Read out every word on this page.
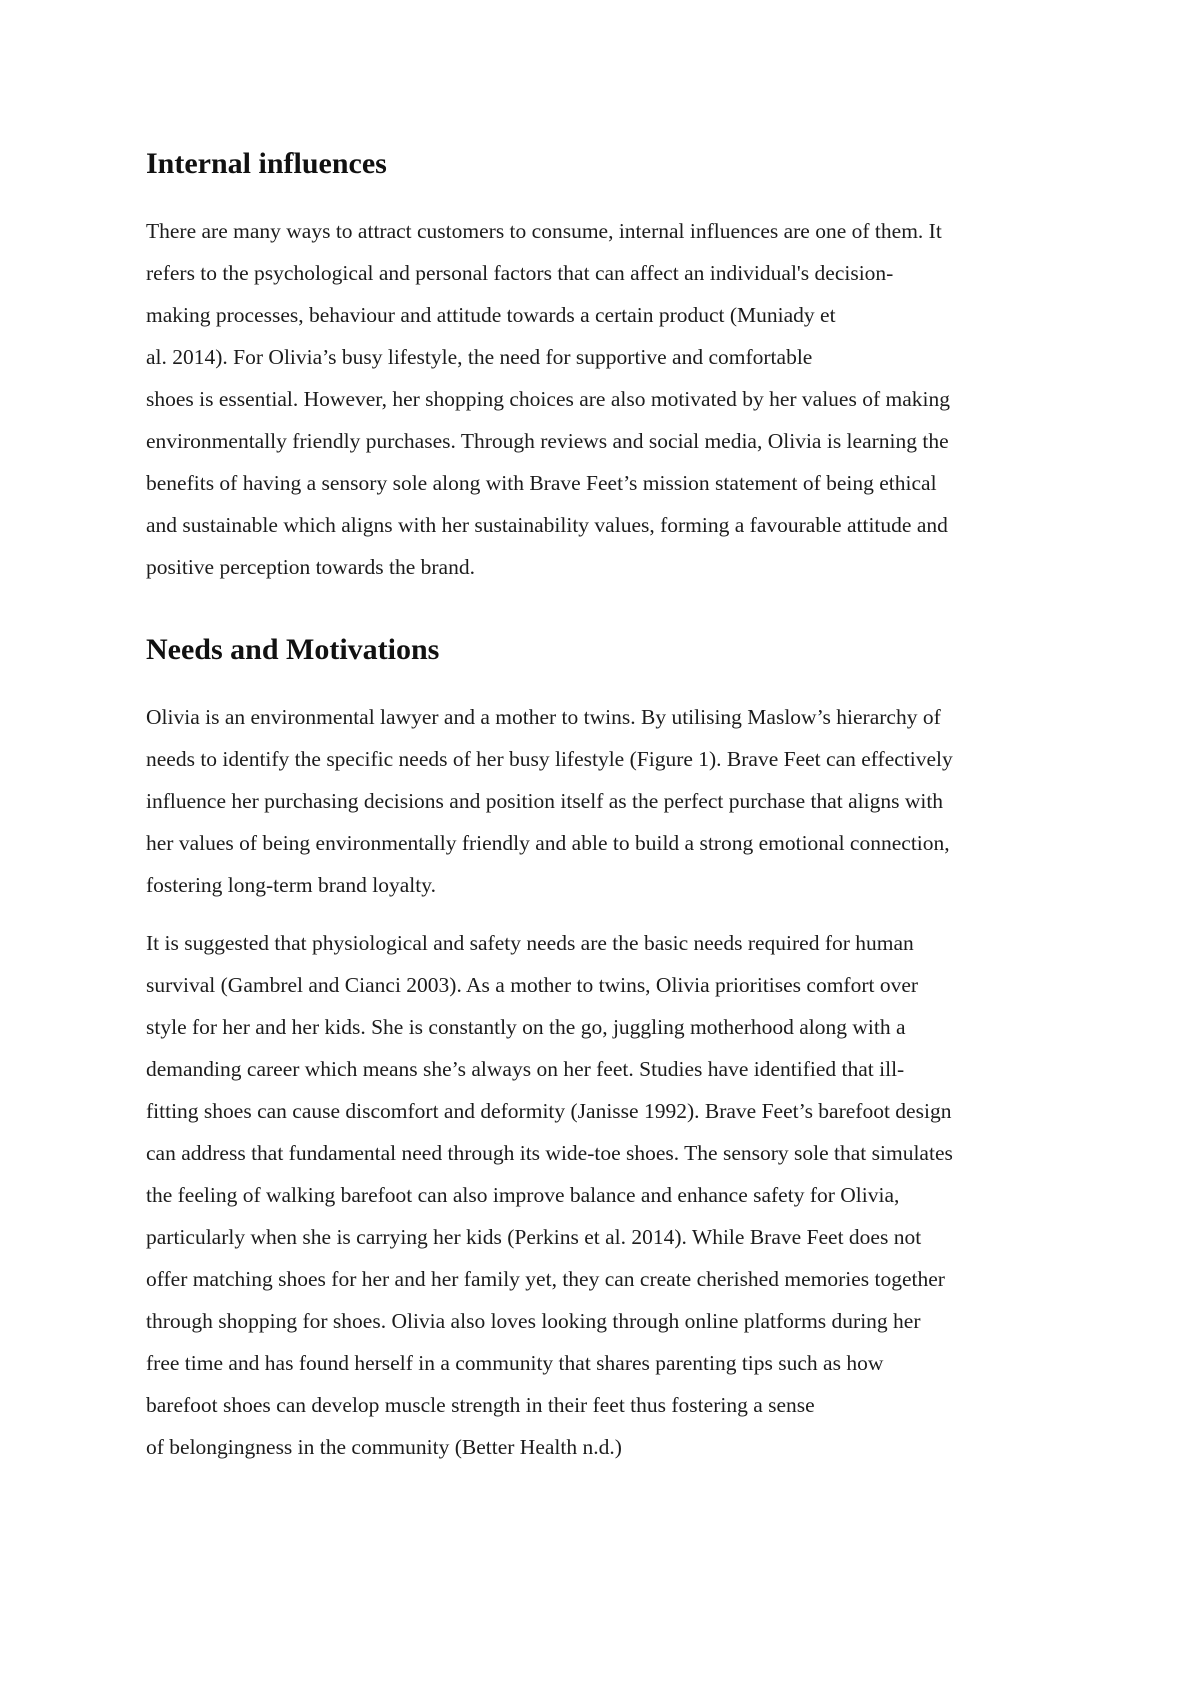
Internal influences
There are many ways to attract customers to consume, internal influences are one of them. It
refers to the psychological and personal factors that can affect an individual's decision-
making processes, behaviour and attitude towards a certain product (Muniady et
al. 2014). For Olivia’s busy lifestyle, the need for supportive and comfortable
shoes is essential. However, her shopping choices are also motivated by her values of making
environmentally friendly purchases. Through reviews and social media, Olivia is learning the
benefits of having a sensory sole along with Brave Feet’s mission statement of being ethical
and sustainable which aligns with her sustainability values, forming a favourable attitude and
positive perception towards the brand.
Needs and Motivations
Olivia is an environmental lawyer and a mother to twins. By utilising Maslow’s hierarchy of
needs to identify the specific needs of her busy lifestyle (Figure 1). Brave Feet can effectively
influence her purchasing decisions and position itself as the perfect purchase that aligns with
her values of being environmentally friendly and able to build a strong emotional connection,
fostering long-term brand loyalty.
It is suggested that physiological and safety needs are the basic needs required for human
survival (Gambrel and Cianci 2003). As a mother to twins, Olivia prioritises comfort over
style for her and her kids. She is constantly on the go, juggling motherhood along with a
demanding career which means she’s always on her feet. Studies have identified that ill-
fitting shoes can cause discomfort and deformity (Janisse 1992). Brave Feet’s barefoot design
can address that fundamental need through its wide-toe shoes. The sensory sole that simulates
the feeling of walking barefoot can also improve balance and enhance safety for Olivia,
particularly when she is carrying her kids (Perkins et al. 2014). While Brave Feet does not
offer matching shoes for her and her family yet, they can create cherished memories together
through shopping for shoes. Olivia also loves looking through online platforms during her
free time and has found herself in a community that shares parenting tips such as how
barefoot shoes can develop muscle strength in their feet thus fostering a sense
of belongingness in the community (Better Health n.d.)
